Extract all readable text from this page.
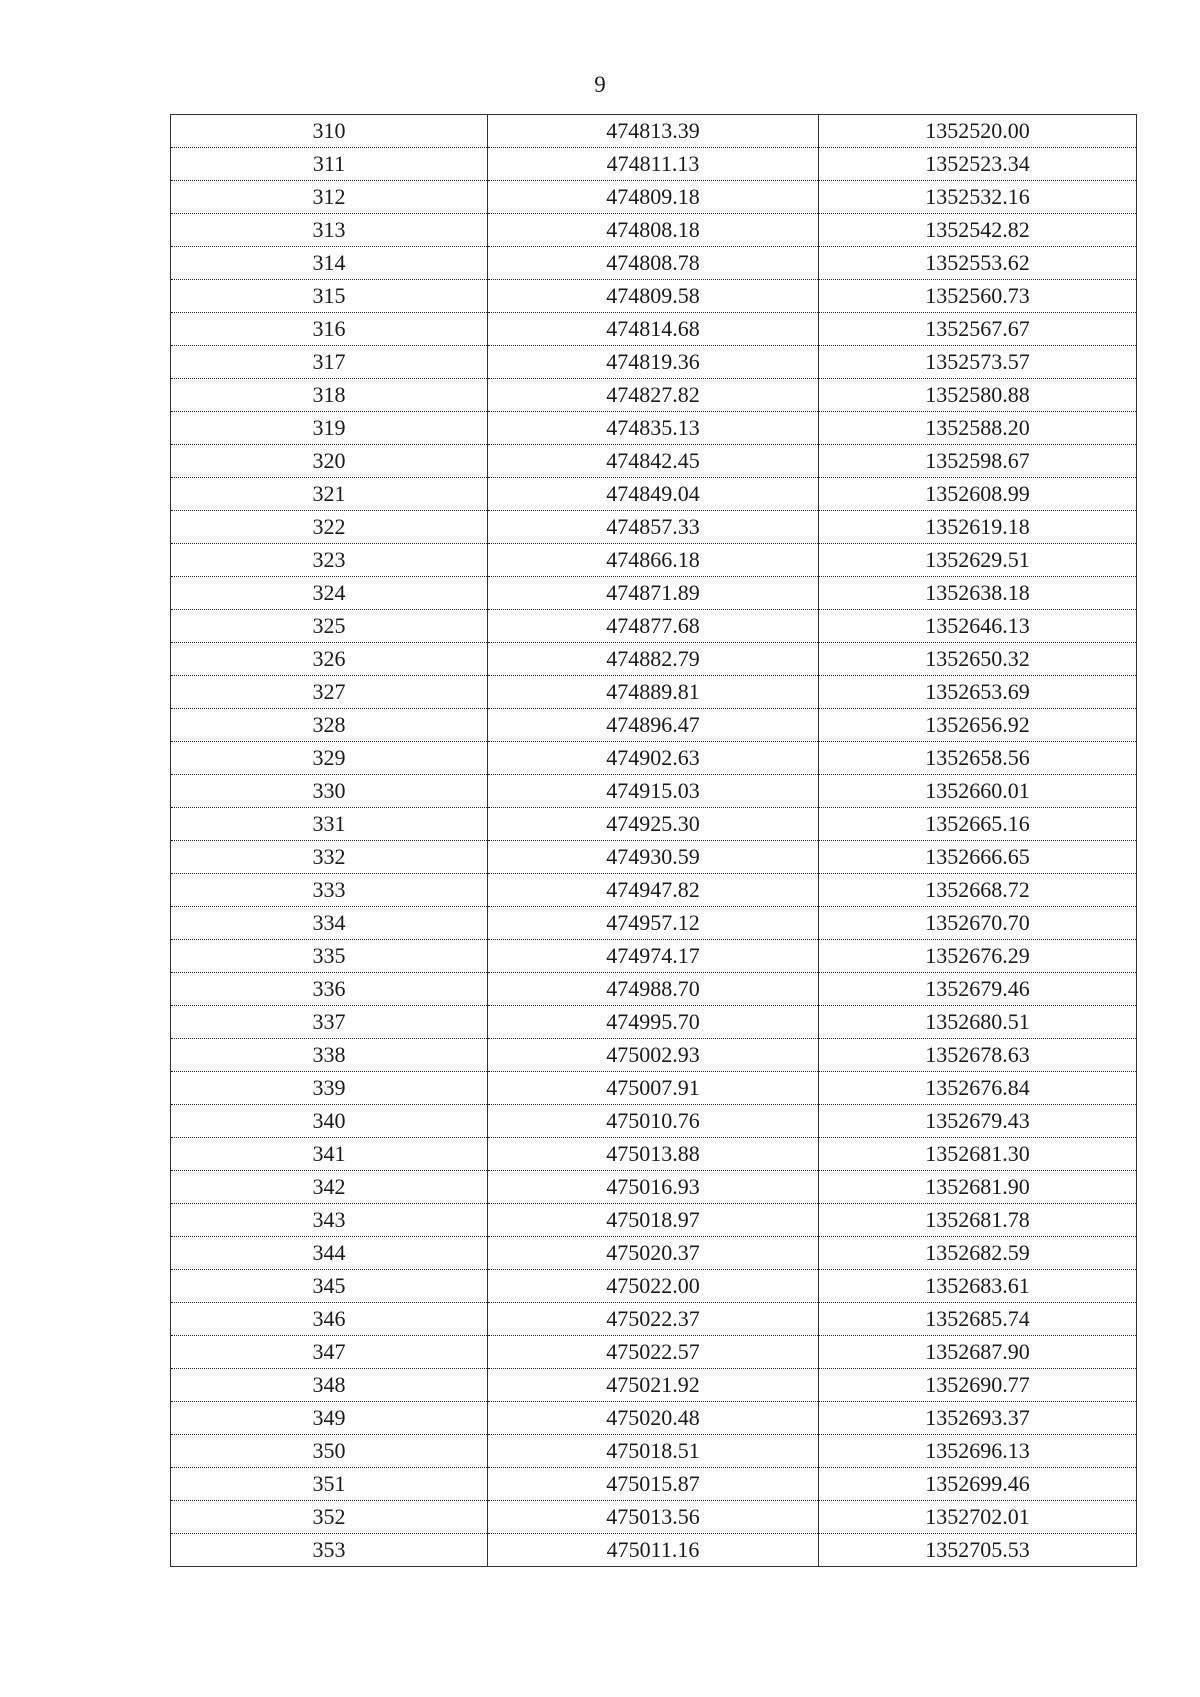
9
310	474813.39	1352520.00
311	474811.13	1352523.34
312	474809.18	1352532.16
313	474808.18	1352542.82
314	474808.78	1352553.62
315	474809.58	1352560.73
316	474814.68	1352567.67
317	474819.36	1352573.57
318	474827.82	1352580.88
319	474835.13	1352588.20
320	474842.45	1352598.67
321	474849.04	1352608.99
322	474857.33	1352619.18
323	474866.18	1352629.51
324	474871.89	1352638.18
325	474877.68	1352646.13
326	474882.79	1352650.32
327	474889.81	1352653.69
328	474896.47	1352656.92
329	474902.63	1352658.56
330	474915.03	1352660.01
331	474925.30	1352665.16
332	474930.59	1352666.65
333	474947.82	1352668.72
334	474957.12	1352670.70
335	474974.17	1352676.29
336	474988.70	1352679.46
337	474995.70	1352680.51
338	475002.93	1352678.63
339	475007.91	1352676.84
340	475010.76	1352679.43
341	475013.88	1352681.30
342	475016.93	1352681.90
343	475018.97	1352681.78
344	475020.37	1352682.59
345	475022.00	1352683.61
346	475022.37	1352685.74
347	475022.57	1352687.90
348	475021.92	1352690.77
349	475020.48	1352693.37
350	475018.51	1352696.13
351	475015.87	1352699.46
352	475013.56	1352702.01
353	475011.16	1352705.53
